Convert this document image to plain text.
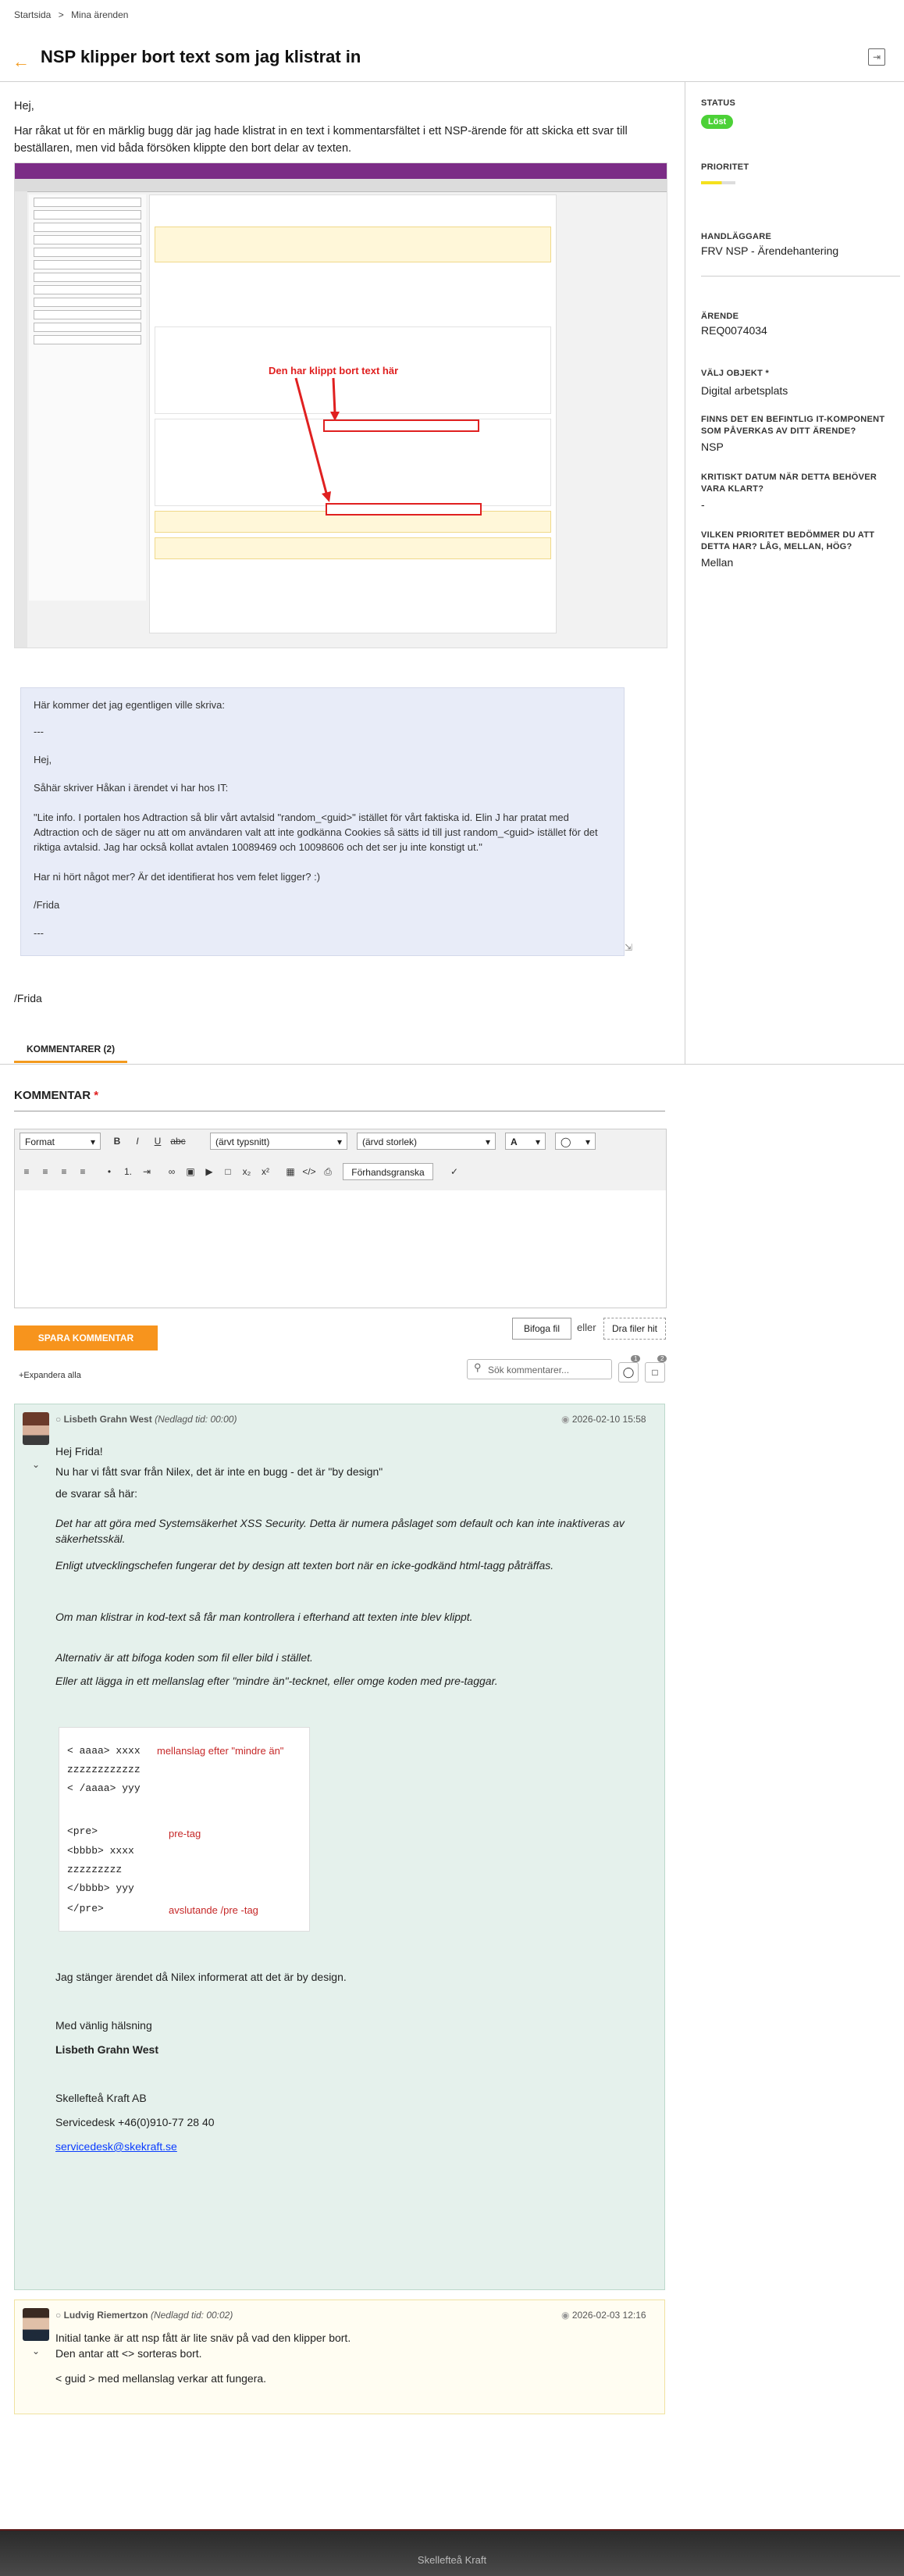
Startsida > Mina ärenden
← NSP klipper bort text som jag klistrat in	⇥

Hej,

Har råkat ut för en märklig bugg där jag hade klistrat in en text i kommentarsfältet i ett NSP-ärende för att skicka ett svar till beställaren, men vid båda försöken klippte den bort delar av texten.

Den har klippt bort text här

Här kommer det jag egentligen ville skriva:

---

Hej,

Såhär skriver Håkan i ärendet vi har hos IT:

"Lite info. I portalen hos Adtraction så blir vårt avtalsid "random_<guid>" istället för vårt faktiska id. Elin J har pratat med Adtraction och de säger nu att om användaren valt att inte godkänna Cookies så sätts id till just random_<guid> istället för det riktiga avtalsid. Jag har också kollat avtalen 10089469 och 10098606 och det ser ju inte konstigt ut."

Har ni hört något mer? Är det identifierat hos vem felet ligger? :)

/Frida

---

⇲
/Frida
STATUS
Löst
PRIORITET
HANDLÄGGARE
FRV NSP - Ärendehantering
ÄRENDE
REQ0074034
VÄLJ OBJEKT *
Digital arbetsplats
FINNS DET EN BEFINTLIG IT-KOMPONENT SOM PÅVERKAS AV DITT ÄRENDE?
NSP
KRITISKT DATUM NÄR DETTA BEHÖVER VARA KLART?
-
VILKEN PRIORITET BEDÖMMER DU ATT DETTA HAR? LÅG, MELLAN, HÖG?
Mellan
KOMMENTARER (2)
KOMMENTAR *
Format	▾	B	I	U abc	(ärvt typsnitt)	▾	(ärvd storlek)	▾	A ▾	◯ ▾
≡	≡	≡	≡	•	1.	⇥	∞	▣	▶	□	x₂	x²	▦ </> ⎙	Förhandsgranska	✓
SPARA KOMMENTAR
Bifoga fil	eller	Dra filer hit
+Expandera alla	Sök kommentarer...
⚲	◯
1
□
2
⌄
○ Lisbeth Grahn West (Nedlagd tid: 00:00)	◉ 2026-02-10 15:58
Hej Frida!
Nu har vi fått svar från Nilex, det är inte en bugg - det är "by design"
de svarar så här:
Det har att göra med Systemsäkerhet XSS Security. Detta är numera påslaget som default och kan inte inaktiveras av säkerhetsskäl.
Enligt utvecklingschefen fungerar det by design att texten bort när en icke-godkänd html-tagg påträffas.
Om man klistrar in kod-text så får man kontrollera i efterhand att texten inte blev klippt.
Alternativ är att bifoga koden som fil eller bild i stället.
Eller att lägga in ett mellanslag efter "mindre än"-tecknet, eller omge koden med pre-taggar.
< aaaa> xxxx
zzzzzzzzzzzz
< /aaaa> yyy
mellanslag efter "mindre än"
<pre>
<bbbb> xxxx
zzzzzzzzz
</bbbb> yyy
</pre>
pre-tag
avslutande /pre -tag
Jag stänger ärendet då Nilex informerat att det är by design.
Med vänlig hälsning
Lisbeth Grahn West
Skellefteå Kraft AB
Servicedesk +46(0)910-77 28 40
servicedesk@skekraft.se
⌄
○ Ludvig Riemertzon (Nedlagd tid: 00:02)	◉ 2026-02-03 12:16
Initial tanke är att nsp fått är lite snäv på vad den klipper bort.
Den antar att <> sorteras bort.
< guid > med mellanslag verkar att fungera.
Skellefteå Kraft
